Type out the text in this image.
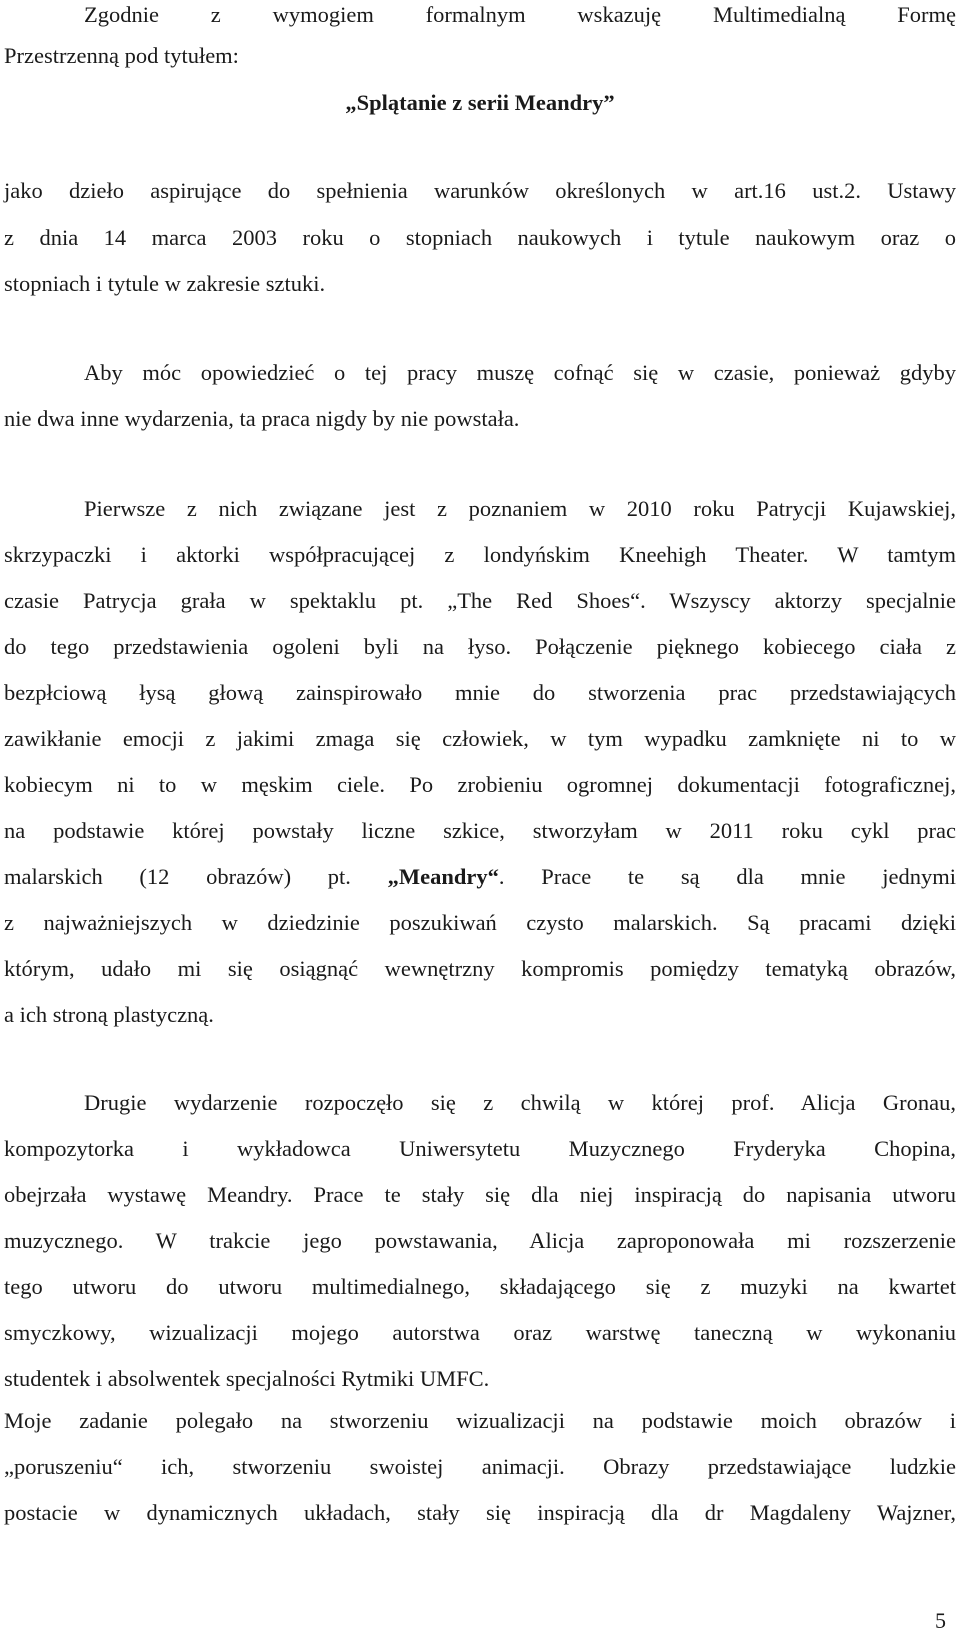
Zgodnie z wymogiem formalnym wskazuję Multimedialną Formę
Przestrzenną pod tytułem:
„Splątanie z serii Meandry”
jako dzieło aspirujące do spełnienia warunków określonych w art.16 ust.2. Ustawy
z dnia 14 marca 2003 roku o stopniach naukowych i tytule naukowym oraz o
stopniach i tytule w zakresie sztuki.
Aby móc opowiedzieć o tej pracy muszę cofnąć się w czasie, ponieważ gdyby
nie dwa inne wydarzenia, ta praca nigdy by nie powstała.
Pierwsze z nich związane jest z poznaniem w 2010 roku Patrycji Kujawskiej,
skrzypaczki i aktorki współpracującej z londyńskim Kneehigh Theater. W tamtym
czasie Patrycja grała w spektaklu pt. „The Red Shoes“. Wszyscy aktorzy specjalnie
do tego przedstawienia ogoleni byli na łyso. Połączenie pięknego kobiecego ciała z
bezpłciową łysą głową zainspirowało mnie do stworzenia prac przedstawiających
zawikłanie emocji z jakimi zmaga się człowiek, w tym wypadku zamknięte ni to w
kobiecym ni to w męskim ciele. Po zrobieniu ogromnej dokumentacji fotograficznej,
na podstawie której powstały liczne szkice, stworzyłam w 2011 roku cykl prac
malarskich (12 obrazów) pt. „Meandry“. Prace te są dla mnie jednymi
z najważniejszych w dziedzinie poszukiwań czysto malarskich. Są pracami dzięki
którym, udało mi się osiągnąć wewnętrzny kompromis pomiędzy tematyką obrazów,
a ich stroną plastyczną.
Drugie wydarzenie rozpoczęło się z chwilą w której prof. Alicja Gronau,
kompozytorka i wykładowca Uniwersytetu Muzycznego Fryderyka Chopina,
obejrzała wystawę Meandry. Prace te stały się dla niej inspiracją do napisania utworu
muzycznego. W trakcie jego powstawania, Alicja zaproponowała mi rozszerzenie
tego utworu do utworu multimedialnego, składającego się z muzyki na kwartet
smyczkowy, wizualizacji mojego autorstwa oraz warstwę taneczną w wykonaniu
studentek i absolwentek specjalności Rytmiki UMFC.
Moje zadanie polegało na stworzeniu wizualizacji na podstawie moich obrazów i
„poruszeniu“ ich, stworzeniu swoistej animacji. Obrazy przedstawiające ludzkie
postacie w dynamicznych układach, stały się inspiracją dla dr Magdaleny Wajzner,
5
